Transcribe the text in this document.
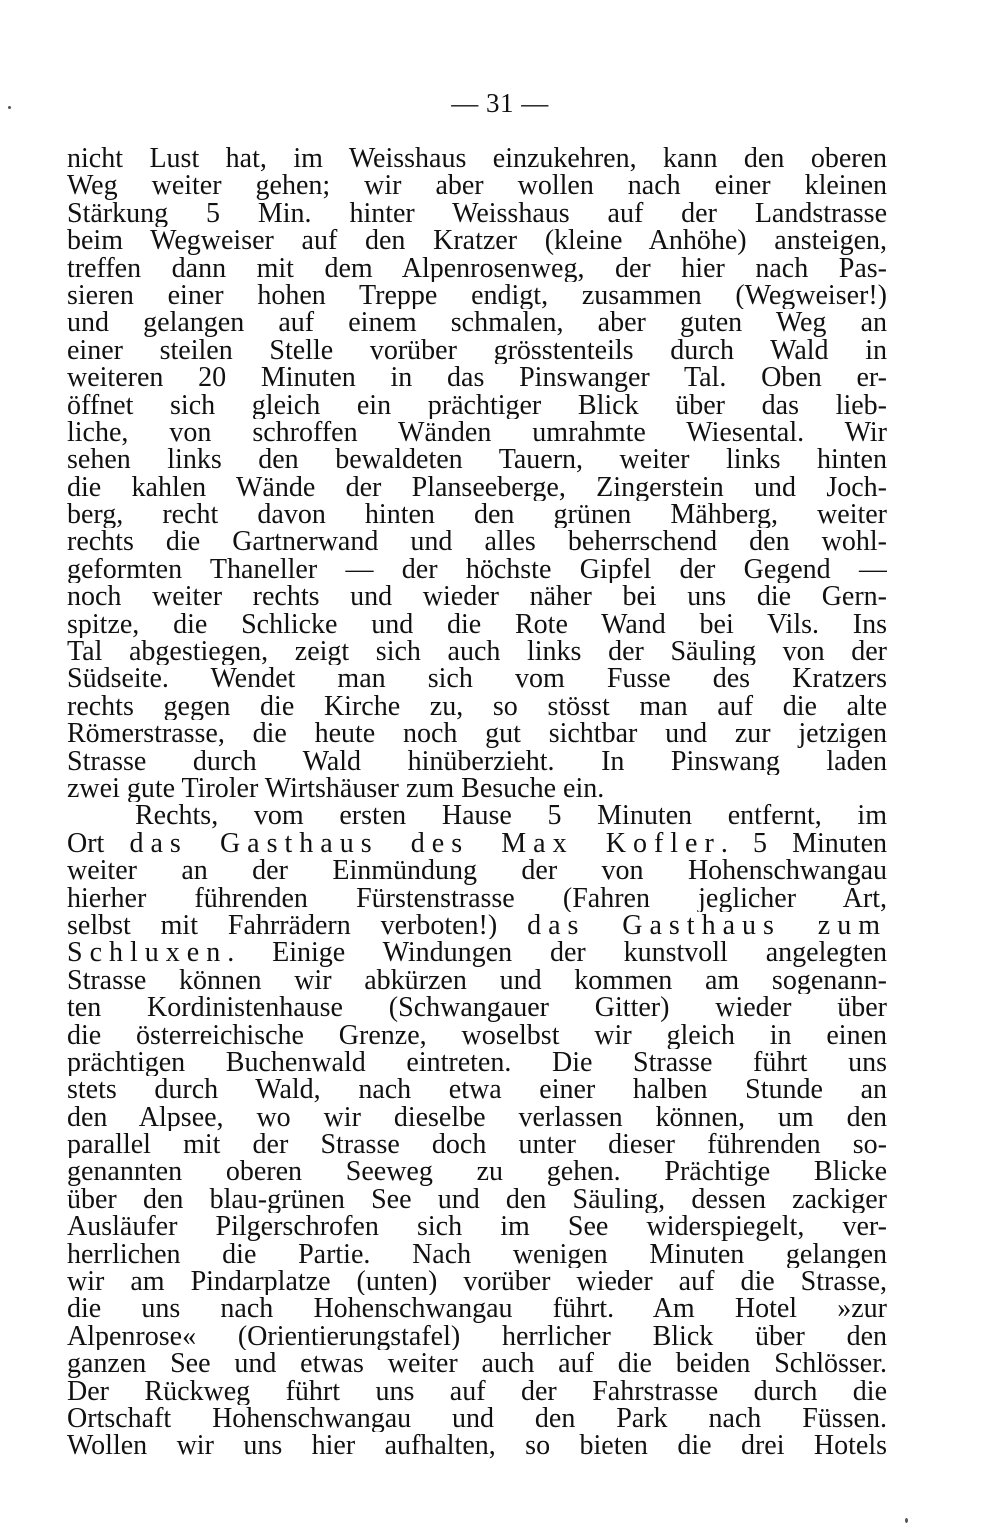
— 31 —
nicht Lust hat, im Weisshaus einzukehren, kann den oberen
Weg weiter gehen; wir aber wollen nach einer kleinen
Stärkung 5 Min. hinter Weisshaus auf der Landstrasse
beim Wegweiser auf den Kratzer (kleine Anhöhe) ansteigen,
treffen dann mit dem Alpenrosenweg, der hier nach Pas-
sieren einer hohen Treppe endigt, zusammen (Wegweiser!)
und gelangen auf einem schmalen, aber guten Weg an
einer steilen Stelle vorüber grösstenteils durch Wald in
weiteren 20 Minuten in das Pinswanger Tal. Oben er-
öffnet sich gleich ein prächtiger Blick über das lieb-
liche, von schroffen Wänden umrahmte Wiesental. Wir
sehen links den bewaldeten Tauern, weiter links hinten
die kahlen Wände der Planseeberge, Zingerstein und Joch-
berg, recht davon hinten den grünen Mähberg, weiter
rechts die Gartnerwand und alles beherrschend den wohl-
geformten Thaneller — der höchste Gipfel der Gegend —
noch weiter rechts und wieder näher bei uns die Gern-
spitze, die Schlicke und die Rote Wand bei Vils. Ins
Tal abgestiegen, zeigt sich auch links der Säuling von der
Südseite. Wendet man sich vom Fusse des Kratzers
rechts gegen die Kirche zu, so stösst man auf die alte
Römerstrasse, die heute noch gut sichtbar und zur jetzigen
Strasse durch Wald hinüberzieht. In Pinswang laden
zwei gute Tiroler Wirtshäuser zum Besuche ein.
Rechts, vom ersten Hause 5 Minuten entfernt, im
Ort das Gasthaus des Max Kofler. 5 Minuten
weiter an der Einmündung der von Hohenschwangau
hierher führenden Fürstenstrasse (Fahren jeglicher Art,
selbst mit Fahrrädern verboten!) das Gasthaus zum
Schluxen. Einige Windungen der kunstvoll angelegten
Strasse können wir abkürzen und kommen am sogenann-
ten Kordinistenhause (Schwangauer Gitter) wieder über
die österreichische Grenze, woselbst wir gleich in einen
prächtigen Buchenwald eintreten. Die Strasse führt uns
stets durch Wald, nach etwa einer halben Stunde an
den Alpsee, wo wir dieselbe verlassen können, um den
parallel mit der Strasse doch unter dieser führenden so-
genannten oberen Seeweg zu gehen. Prächtige Blicke
über den blau-grünen See und den Säuling, dessen zackiger
Ausläufer Pilgerschrofen sich im See widerspiegelt, ver-
herrlichen die Partie. Nach wenigen Minuten gelangen
wir am Pindarplatze (unten) vorüber wieder auf die Strasse,
die uns nach Hohenschwangau führt. Am Hotel »zur
Alpenrose« (Orientierungstafel) herrlicher Blick über den
ganzen See und etwas weiter auch auf die beiden Schlösser.
Der Rückweg führt uns auf der Fahrstrasse durch die
Ortschaft Hohenschwangau und den Park nach Füssen.
Wollen wir uns hier aufhalten, so bieten die drei Hotels
